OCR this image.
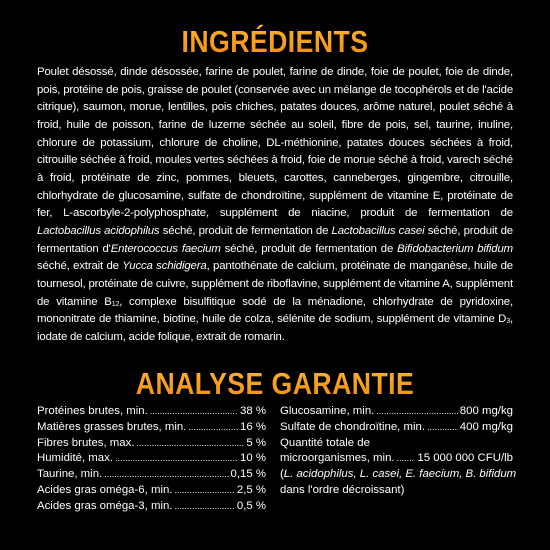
INGRÉDIENTS

Poulet désossé, dinde désossée, farine de poulet, farine de dinde, foie de poulet, foie de dinde, pois, protéine de pois, graisse de poulet (conservée avec un mélange de tocophérols et de l'acide citrique), saumon, morue, lentilles, pois chiches, patates douces, arôme naturel, poulet séché à froid, huile de poisson, farine de luzerne séchée au soleil, fibre de pois, sel, taurine, inuline, chlorure de potassium, chlorure de choline, DL-méthionine, patates douces séchées à froid, citrouille séchée à froid, moules vertes séchées à froid, foie de morue séché à froid, varech séché à froid, protéinate de zinc, pommes, bleuets, carottes, canneberges, gingembre, citrouille, chlorhydrate de glucosamine, sulfate de chondroïtine, supplément de vitamine E, protéinate de fer, L-ascorbyle-2-polyphosphate, supplément de niacine, produit de fermentation de Lactobacillus acidophilus séché, produit de fermentation de Lactobacillus casei séché, produit de fermentation d'Enterococcus faecium séché, produit de fermentation de Bifidobacterium bifidum séché, extrait de Yucca schidigera, pantothénate de calcium, protéinate de manganèse, huile de tournesol, protéinate de cuivre, supplément de riboflavine, supplément de vitamine A, supplément de vitamine $B_{12}$, complexe bisulfitique sodé de la ménadione, chlorhydrate de pyridoxine, mononitrate de thiamine, biotine, huile de colza, sélénite de sodium, supplément de vitamine $D_3$, iodate de calcium, acide folique, extrait de romarin.

ANALYSE GARANTIE
Protéines brutes, min. .....	38 %
Matières grasses brutes, min. .....	16 %
Fibres brutes, max. .....	5 %
Humidité, max. .....	10 %
Taurine, min. .....	0,15 %
Acides gras oméga-6, min. .....	2,5 %
Acides gras oméga-3, min. .....	0,5 %
Glucosamine, min. .....	800 mg/kg
Sulfate de chondroïtine, min. .....	400 mg/kg
Quantité totale de
microorganismes, min. ..... 15 000 000 CFU/lb
(L. acidophilus, L. casei, E. faecium, B. bifidum
dans l'ordre décroissant)
